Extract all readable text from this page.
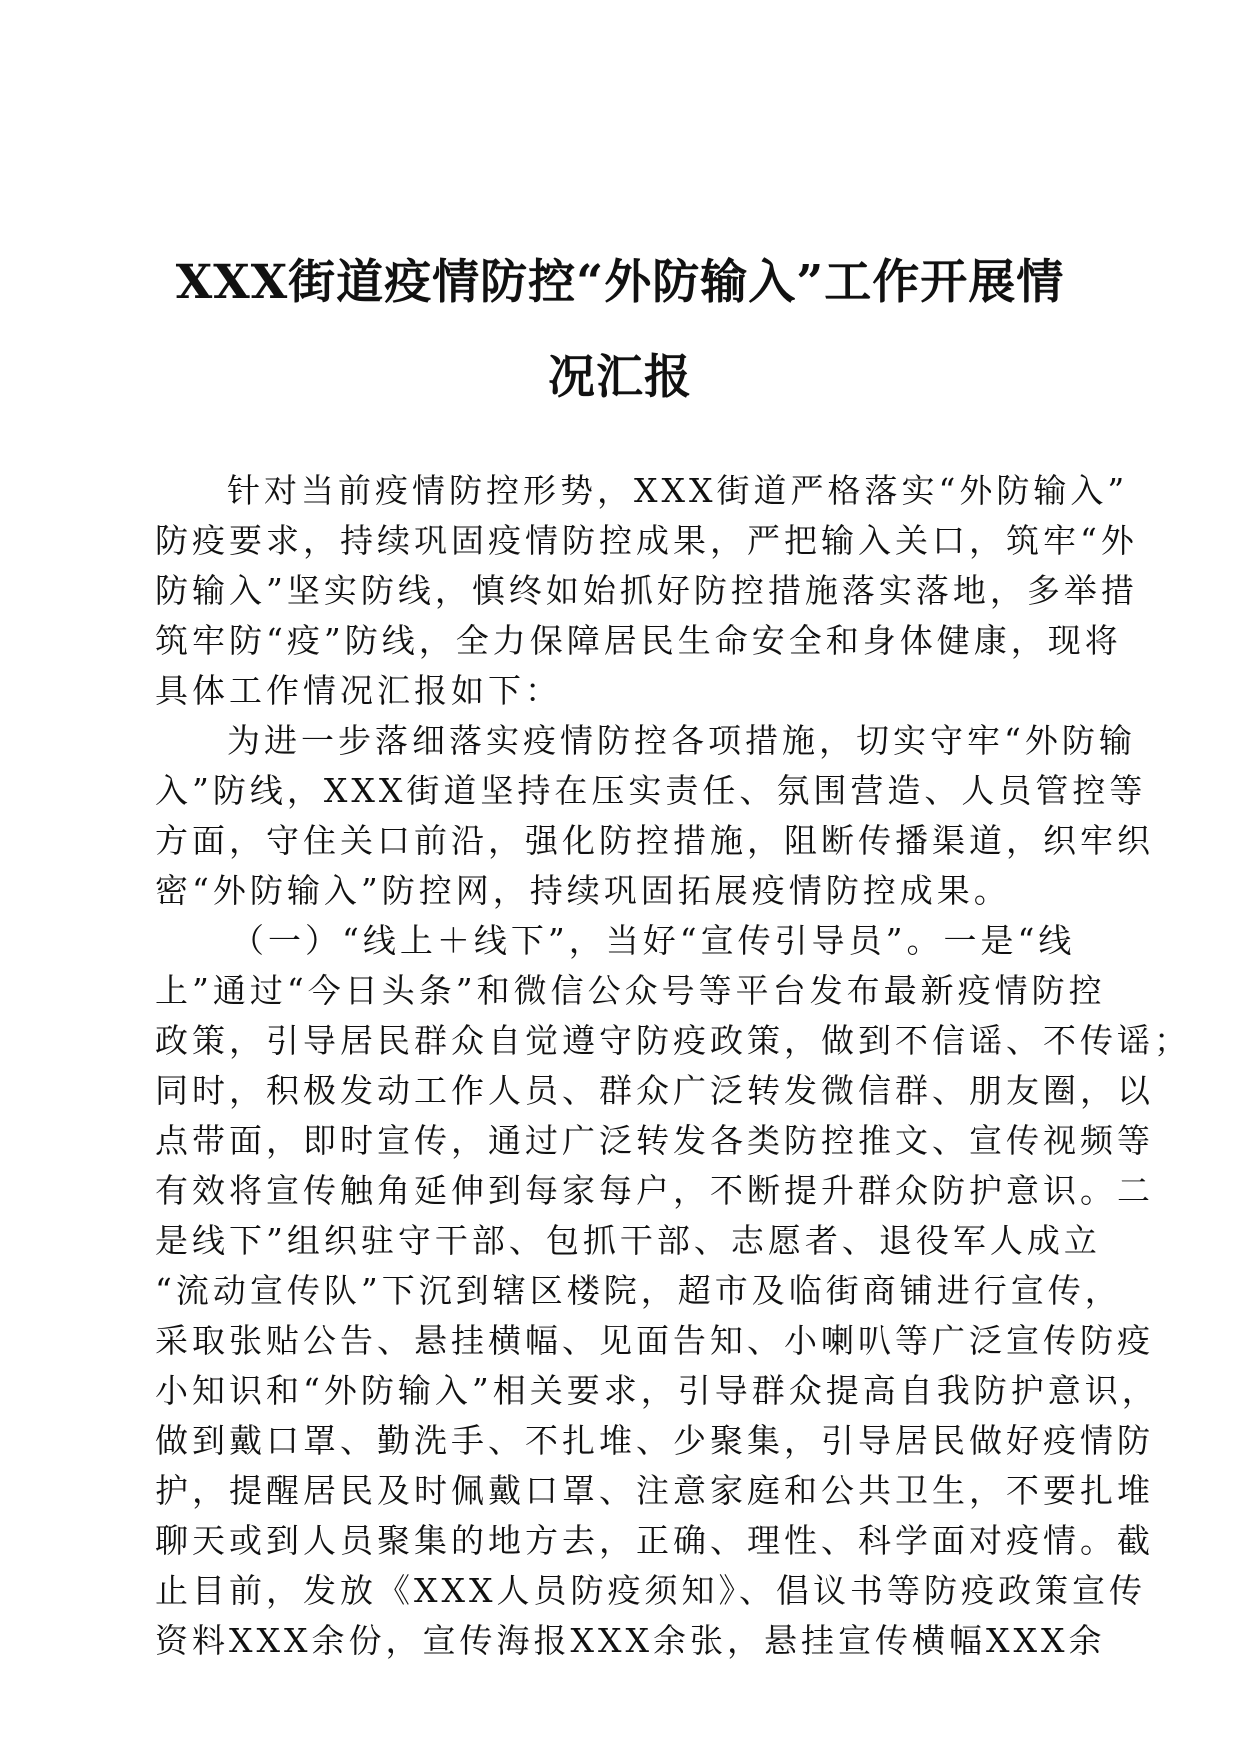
XXX街道疫情防控“外防输入”工作开展情
况汇报
针对当前疫情防控形势，XXX街道严格落实“外防输入”
防疫要求，持续巩固疫情防控成果，严把输入关口，筑牢“外
防输入”坚实防线，慎终如始抓好防控措施落实落地，多举措
筑牢防“疫”防线，全力保障居民生命安全和身体健康，现将
具体工作情况汇报如下：
为进一步落细落实疫情防控各项措施，切实守牢“外防输
入”防线，XXX街道坚持在压实责任、氛围营造、人员管控等
方面，守住关口前沿，强化防控措施，阻断传播渠道，织牢织
密“外防输入”防控网，持续巩固拓展疫情防控成果。
（一）“线上＋线下”，当好“宣传引导员”。一是“线
上”通过“今日头条”和微信公众号等平台发布最新疫情防控
政策，引导居民群众自觉遵守防疫政策，做到不信谣、不传谣；
同时，积极发动工作人员、群众广泛转发微信群、朋友圈，以
点带面，即时宣传，通过广泛转发各类防控推文、宣传视频等
有效将宣传触角延伸到每家每户，不断提升群众防护意识。二
是线下”组织驻守干部、包抓干部、志愿者、退役军人成立
“流动宣传队”下沉到辖区楼院，超市及临街商铺进行宣传，
采取张贴公告、悬挂横幅、见面告知、小喇叭等广泛宣传防疫
小知识和“外防输入”相关要求，引导群众提高自我防护意识，
做到戴口罩、勤洗手、不扎堆、少聚集，引导居民做好疫情防
护，提醒居民及时佩戴口罩、注意家庭和公共卫生，不要扎堆
聊天或到人员聚集的地方去，正确、理性、科学面对疫情。截
止目前，发放《XXX人员防疫须知》、倡议书等防疫政策宣传
资料XXX余份，宣传海报XXX余张，悬挂宣传横幅XXX余
